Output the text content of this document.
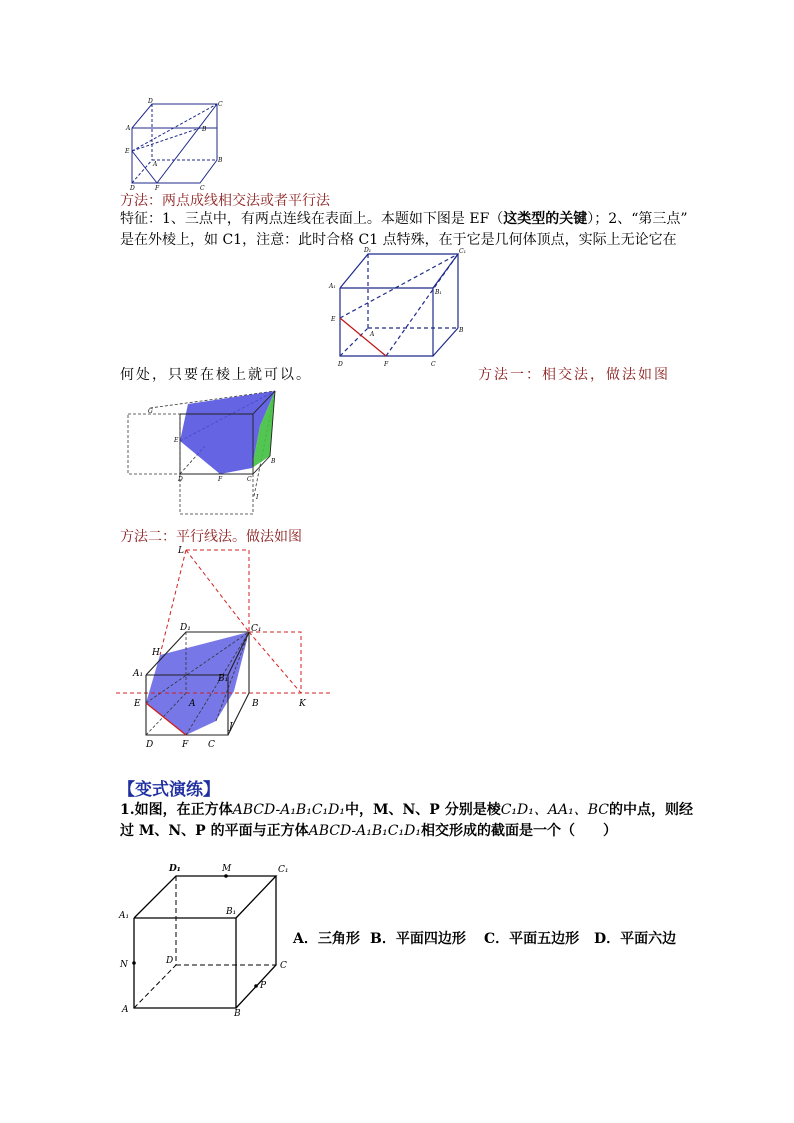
D	C
A	B
E
A
F	C
D
B
方法：两点成线相交法或者平行法
特征：1、三点中，有两点连线在表面上。本题如下图是 EF（这类型的关键）；2、“第三点”
是在外棱上，如 C1，注意：此时合格 C1 点特殊，在于它是几何体顶点，实际上无论它在
D₁	C₁
A₁
B₁
E
A
B
D	F	C
何处，只要在棱上就可以。	方法一：相交法，做法如图
G
E
D	F	C
B
I
方法二：平行线法。做法如图
L
D₁	C₁
H
A₁	B₁
E	A	B	K
J
D	F C
【变式演练】
1.如图，在正方体ABCD-A₁B₁C₁D₁中，M、N、P 分别是棱C₁D₁、AA₁、BC的中点，则经
过 M、N、P 的平面与正方体ABCD-A₁B₁C₁D₁相交形成的截面是一个（　　）
D₁	M	C₁
A₁	B₁
N	D	C
P
A	B
A．三角形 B．平面四边形 C．平面五边形 D．平面六边
